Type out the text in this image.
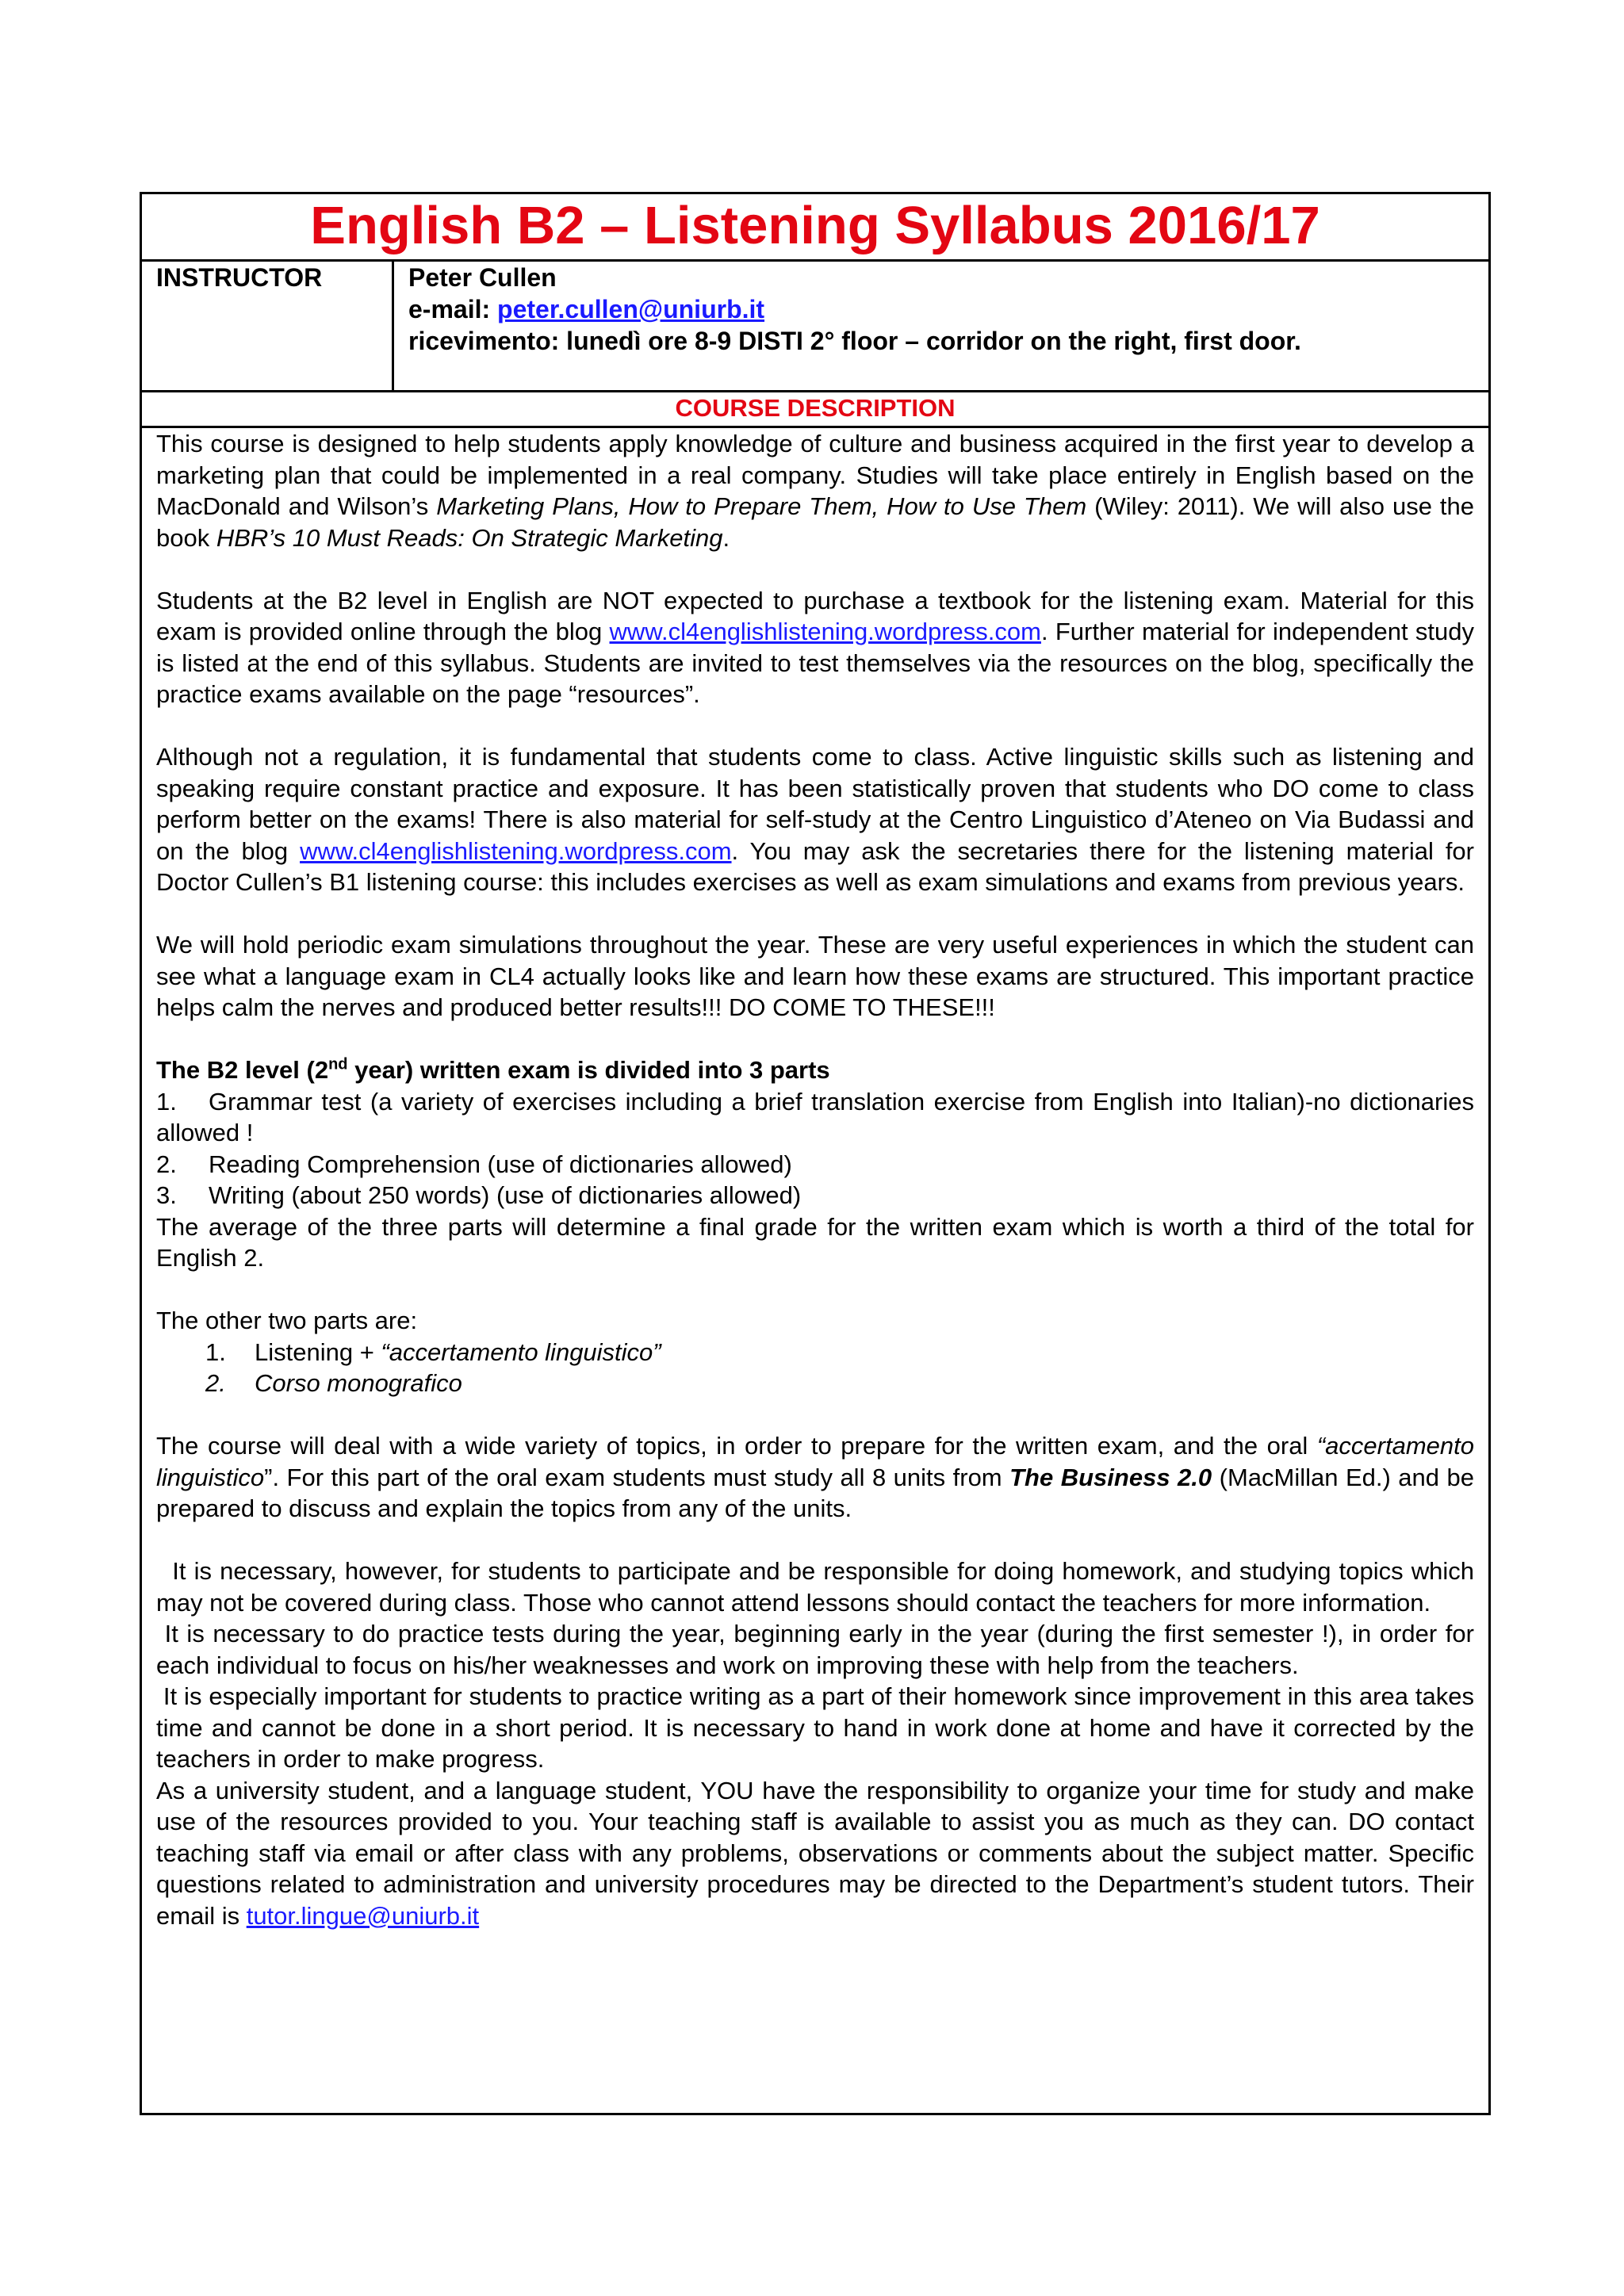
English B2 – Listening Syllabus 2016/17
INSTRUCTOR	Peter Cullen
e-mail: peter.cullen@uniurb.it
ricevimento: lunedì ore 8-9 DISTI 2° floor – corridor on the right, first door.
COURSE DESCRIPTION

This course is designed to help students apply knowledge of culture and business acquired in the first year to develop a marketing plan that could be implemented in a real company. Studies will take place entirely in English based on the MacDonald and Wilson’s Marketing Plans, How to Prepare Them, How to Use Them (Wiley: 2011). We will also use the book HBR’s 10 Must Reads: On Strategic Marketing.

Students at the B2 level in English are NOT expected to purchase a textbook for the listening exam. Material for this exam is provided online through the blog www.cl4englishlistening.wordpress.com. Further material for independent study is listed at the end of this syllabus. Students are invited to test themselves via the resources on the blog, specifically the practice exams available on the page “resources”.

Although not a regulation, it is fundamental that students come to class. Active linguistic skills such as listening and speaking require constant practice and exposure. It has been statistically proven that students who DO come to class perform better on the exams! There is also material for self-study at the Centro Linguistico d’Ateneo on Via Budassi and on the blog www.cl4englishlistening.wordpress.com. You may ask the secretaries there for the listening material for Doctor Cullen’s B1 listening course: this includes exercises as well as exam simulations and exams from previous years.

We will hold periodic exam simulations throughout the year. These are very useful experiences in which the student can see what a language exam in CL4 actually looks like and learn how these exams are structured. This important practice helps calm the nerves and produced better results!!! DO COME TO THESE!!!

The B2 level (2nd year) written exam is divided into 3 parts

1. Grammar test (a variety of exercises including a brief translation exercise from English into Italian)-no dictionaries allowed !

2. Reading Comprehension (use of dictionaries allowed)

3. Writing (about 250 words) (use of dictionaries allowed)

The average of the three parts will determine a final grade for the written exam which is worth a third of the total for English 2.

The other two parts are:

1. Listening + “accertamento linguistico”

2. Corso monografico

The course will deal with a wide variety of topics, in order to prepare for the written exam, and the oral “accertamento linguistico”. For this part of the oral exam students must study all 8 units from The Business 2.0 (MacMillan Ed.) and be prepared to discuss and explain the topics from any of the units.

It is necessary, however, for students to participate and be responsible for doing homework, and studying topics which may not be covered during class. Those who cannot attend lessons should contact the teachers for more information.

It is necessary to do practice tests during the year, beginning early in the year (during the first semester !), in order for each individual to focus on his/her weaknesses and work on improving these with help from the teachers.

It is especially important for students to practice writing as a part of their homework since improvement in this area takes time and cannot be done in a short period. It is necessary to hand in work done at home and have it corrected by the teachers in order to make progress.

As a university student, and a language student, YOU have the responsibility to organize your time for study and make use of the resources provided to you. Your teaching staff is available to assist you as much as they can. DO contact teaching staff via email or after class with any problems, observations or comments about the subject matter. Specific questions related to administration and university procedures may be directed to the Department’s student tutors. Their email is tutor.lingue@uniurb.it
